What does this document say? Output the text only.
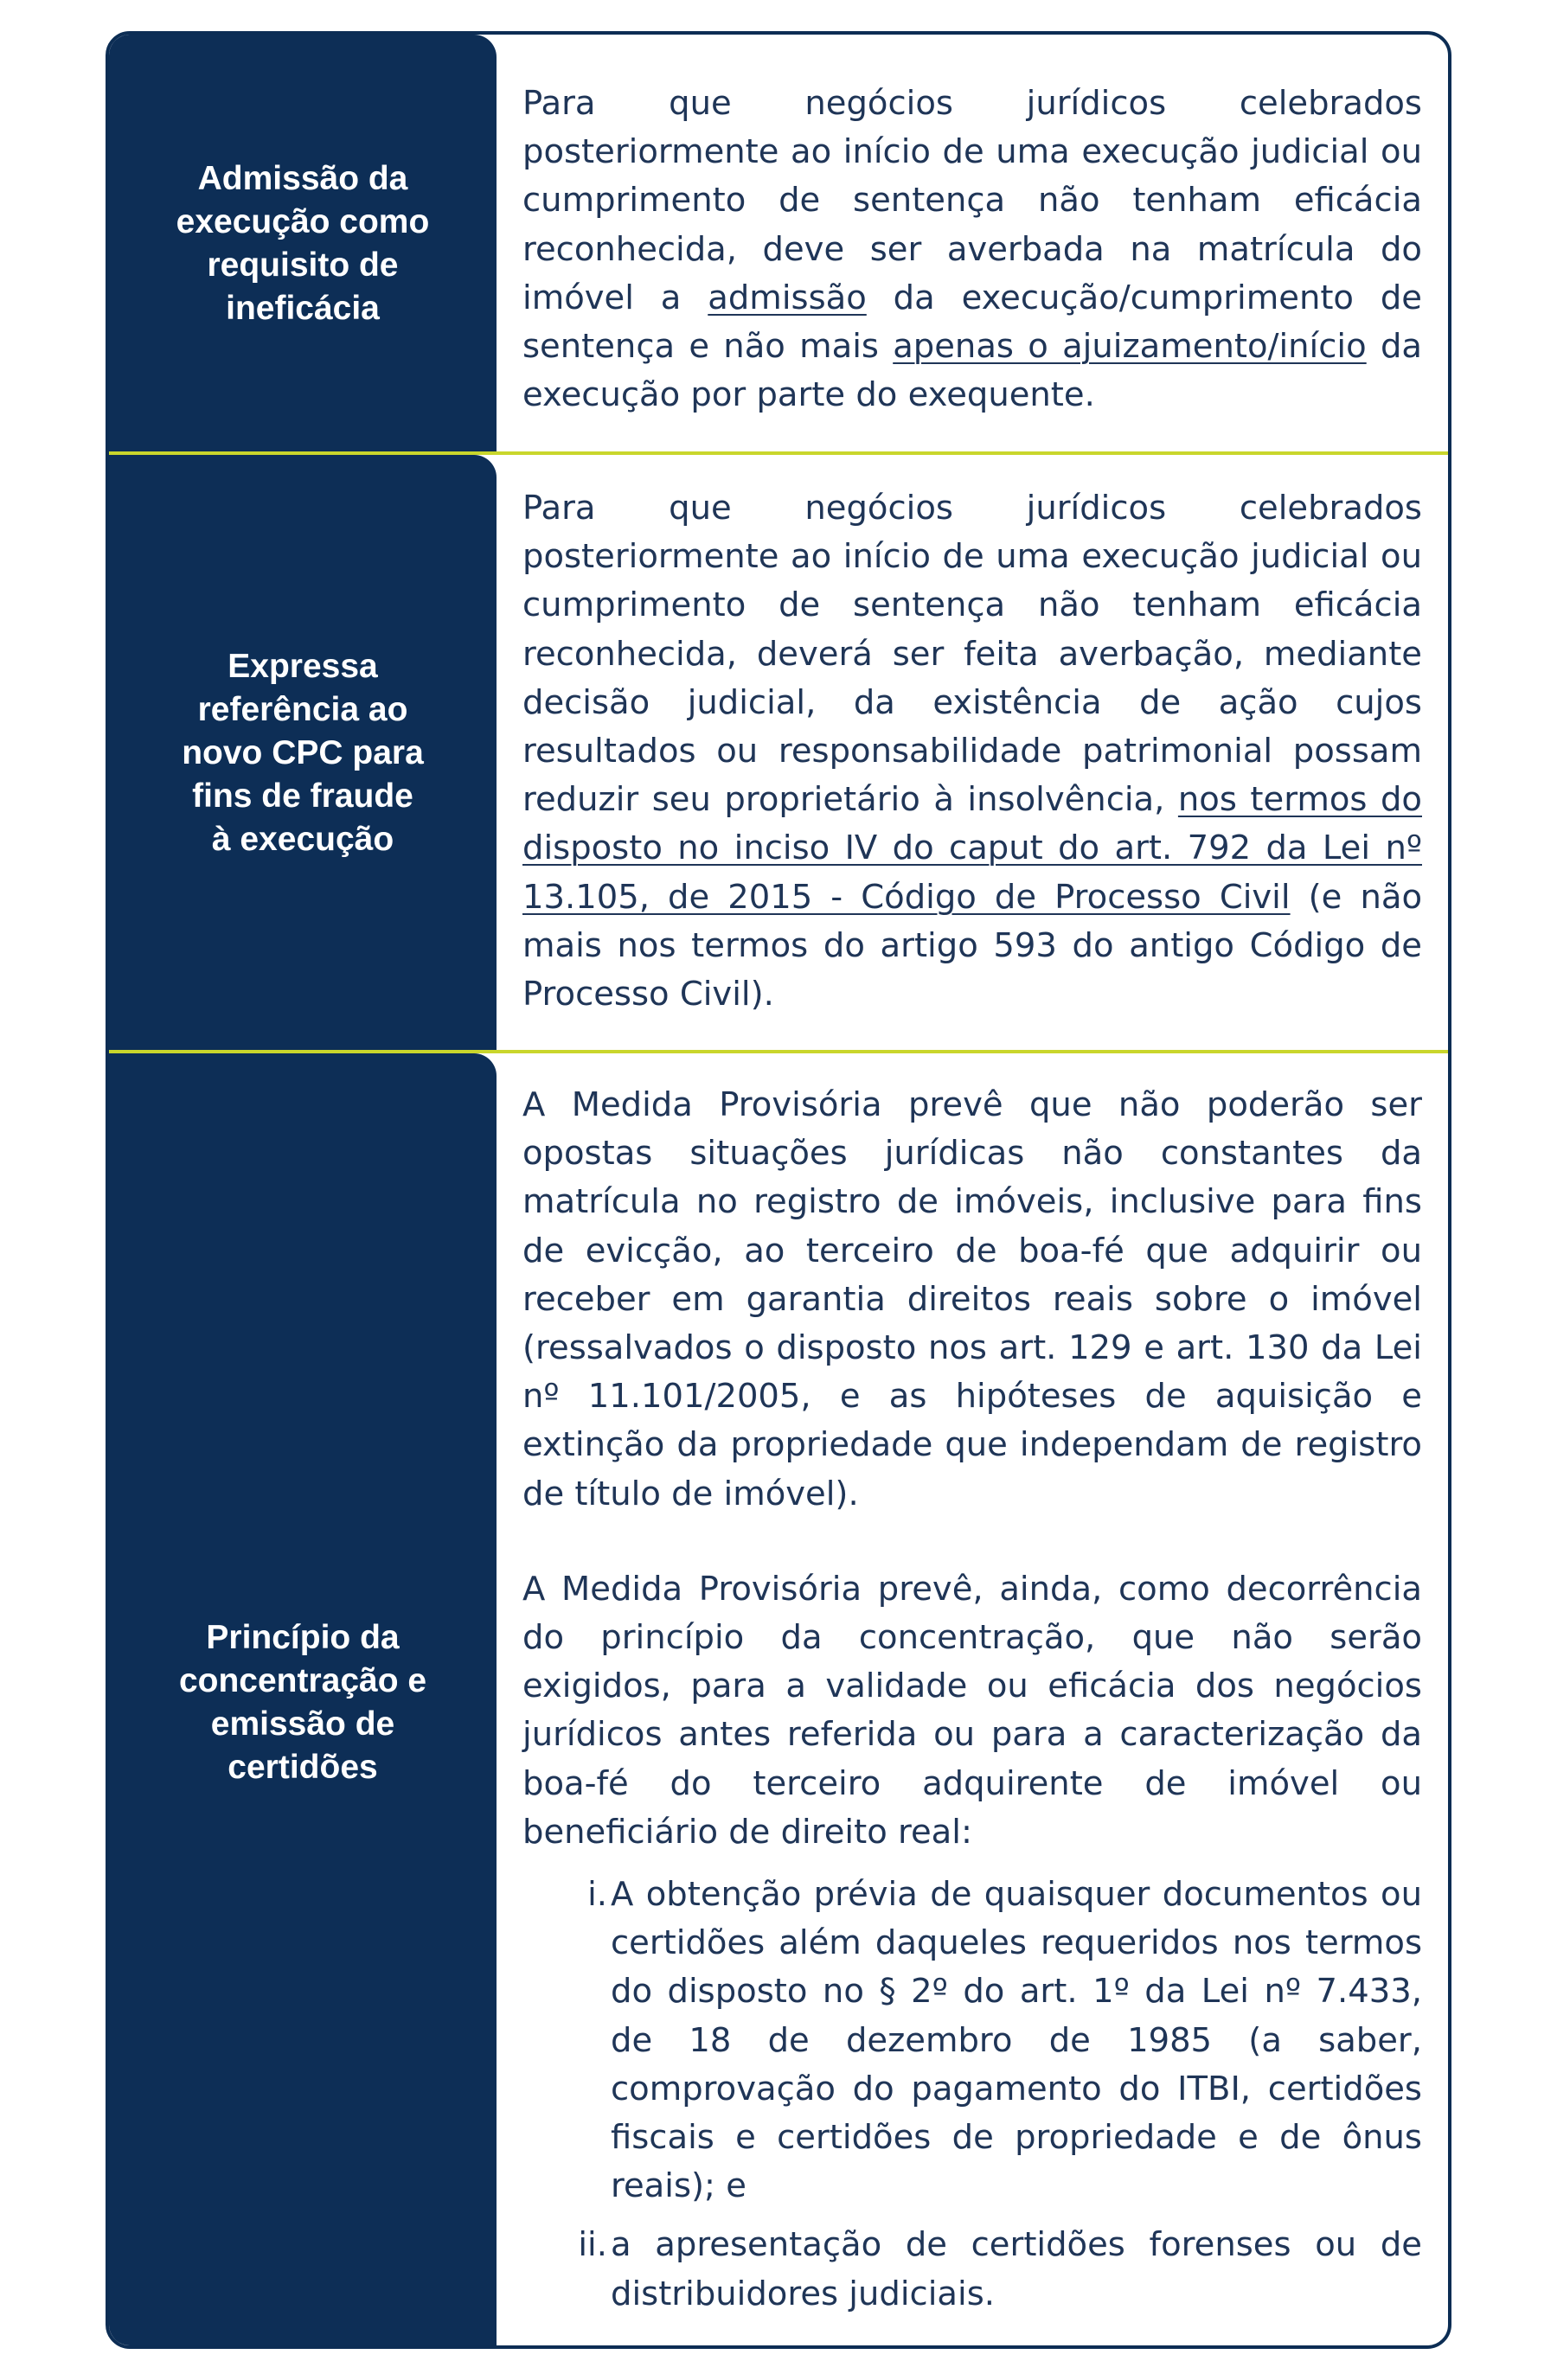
Admissão da
execução como
requisito de
ineficácia

Para que negócios jurídicos celebrados posteriormente ao início de uma execução judicial ou cumprimento de sentença não tenham eficácia reconhecida, deve ser averbada na matrícula do imóvel a admissão da execução/cumprimento de sentença e não mais apenas o ajuizamento/início da execução por parte do exequente.

Expressa
referência ao
novo CPC para
fins de fraude
à execução

Para que negócios jurídicos celebrados posteriormente ao início de uma execução judicial ou cumprimento de sentença não tenham eficácia reconhecida, deverá ser feita averbação, mediante decisão judicial, da existência de ação cujos resultados ou responsabilidade patrimonial possam reduzir seu proprietário à insolvência, nos termos do disposto no inciso IV do caput do art. 792 da Lei nº 13.105, de 2015 - Código de Processo Civil (e não mais nos termos do artigo 593 do antigo Código de Processo Civil).

Princípio da
concentração e
emissão de
certidões

A Medida Provisória prevê que não poderão ser opostas situações jurídicas não constantes da matrícula no registro de imóveis, inclusive para fins de evicção, ao terceiro de boa-fé que adquirir ou receber em garantia direitos reais sobre o imóvel (ressalvados o disposto nos art. 129 e art. 130 da Lei nº 11.101/2005, e as hipóteses de aquisição e extinção da propriedade que independam de registro de título de imóvel).

A Medida Provisória prevê, ainda, como decorrência do princípio da concentração, que não serão exigidos, para a validade ou eficácia dos negócios jurídicos antes referida ou para a caracterização da boa-fé do terceiro adquirente de imóvel ou beneficiário de direito real:

i. A obtenção prévia de quaisquer documentos ou certidões além daqueles requeridos nos termos do disposto no § 2º do art. 1º da Lei nº 7.433, de 18 de dezembro de 1985 (a saber, comprovação do pagamento do ITBI, certidões fiscais e certidões de propriedade e de ônus reais); e
ii. a apresentação de certidões forenses ou de distribuidores judiciais.
